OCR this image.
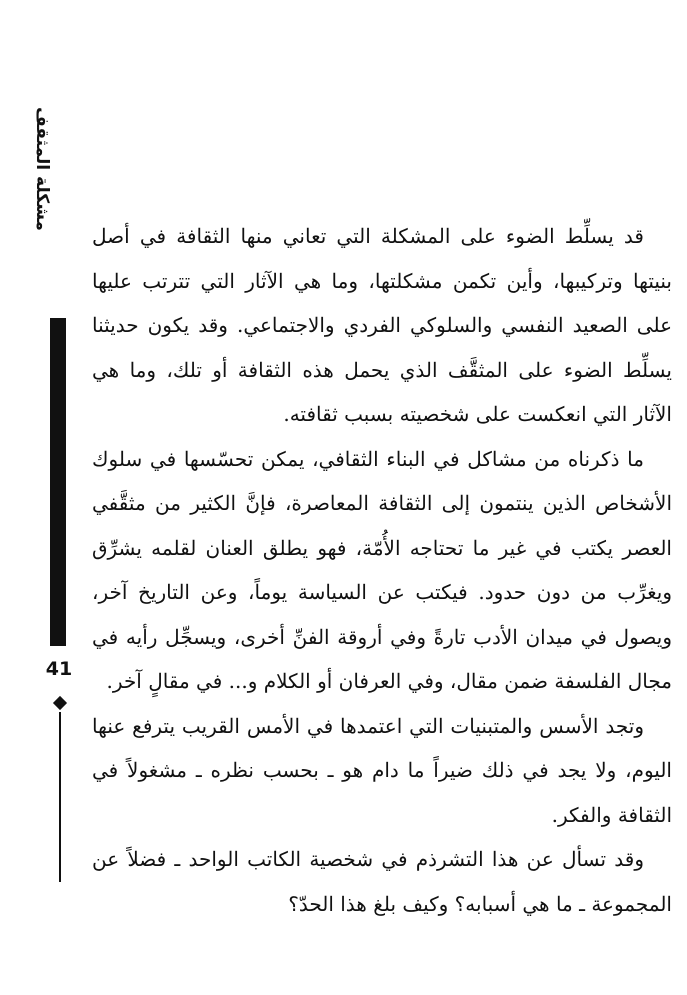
مشكلة المثقف
41

قد يسلِّط الضوء على المشكلة التي تعاني منها الثقافة في أصل بنيتها وتركيبها، وأين تكمن مشكلتها، وما هي الآثار التي تترتب عليها على الصعيد النفسي والسلوكي الفردي والاجتماعي. وقد يكون حديثنا يسلِّط الضوء على المثقَّف الذي يحمل هذه الثقافة أو تلك، وما هي الآثار التي انعكست على شخصيته بسبب ثقافته.

ما ذكرناه من مشاكل في البناء الثقافي، يمكن تحسّسها في سلوك الأشخاص الذين ينتمون إلى الثقافة المعاصرة، فإنَّ الكثير من مثقَّفي العصر يكتب في غير ما تحتاجه الأُمّة، فهو يطلق العنان لقلمه يشرِّق ويغرِّب من دون حدود. فيكتب عن السياسة يوماً، وعن التاريخ آخر، ويصول في ميدان الأدب تارةً وفي أروقة الفنِّ أخرى، ويسجِّل رأيه في مجال الفلسفة ضمن مقال، وفي العرفان أو الكلام و... في مقالٍ آخر.

وتجد الأسس والمتبنيات التي اعتمدها في الأمس القريب يترفع عنها اليوم، ولا يجد في ذلك ضيراً ما دام هو ـ بحسب نظره ـ مشغولاً في الثقافة والفكر.

وقد تسأل عن هذا التشرذم في شخصية الكاتب الواحد ـ فضلاً عن المجموعة ـ ما هي أسبابه؟ وكيف بلغ هذا الحدّ؟
